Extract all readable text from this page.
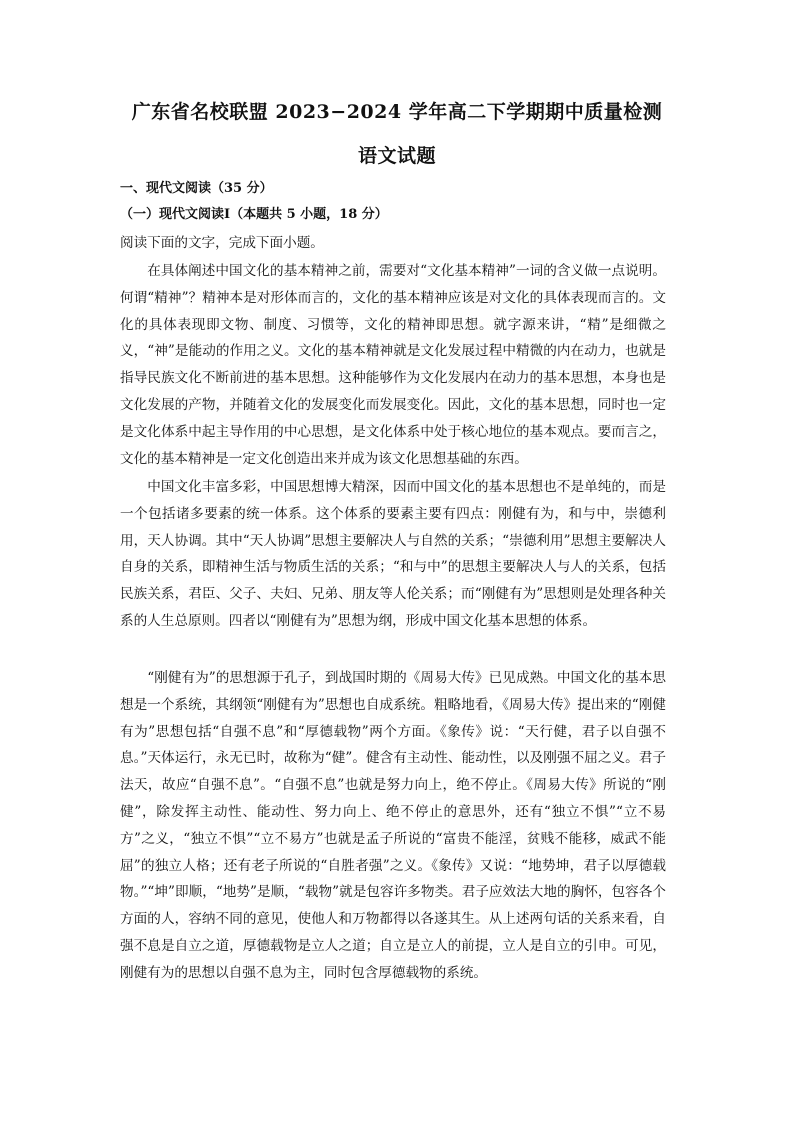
广东省名校联盟 2023−2024 学年高二下学期期中质量检测
语文试题
一、现代文阅读（35 分）
（一）现代文阅读Ⅰ（本题共 5 小题，18 分）
阅读下面的文字，完成下面小题。
在具体阐述中国文化的基本精神之前，需要对“文化基本精神”一词的含义做一点说明。何谓“精神”？精神本是对形体而言的，文化的基本精神应该是对文化的具体表现而言的。文化的具体表现即文物、制度、习惯等，文化的精神即思想。就字源来讲，“精”是细微之义，“神”是能动的作用之义。文化的基本精神就是文化发展过程中精微的内在动力，也就是指导民族文化不断前进的基本思想。这种能够作为文化发展内在动力的基本思想，本身也是文化发展的产物，并随着文化的发展变化而发展变化。因此，文化的基本思想，同时也一定是文化体系中起主导作用的中心思想，是文化体系中处于核心地位的基本观点。要而言之，文化的基本精神是一定文化创造出来并成为该文化思想基础的东西。
中国文化丰富多彩，中国思想博大精深，因而中国文化的基本思想也不是单纯的，而是一个包括诸多要素的统一体系。这个体系的要素主要有四点：刚健有为，和与中，崇德利用，天人协调。其中“天人协调”思想主要解决人与自然的关系；“崇德利用”思想主要解决人自身的关系，即精神生活与物质生活的关系；“和与中”的思想主要解决人与人的关系，包括民族关系，君臣、父子、夫妇、兄弟、朋友等人伦关系；而“刚健有为”思想则是处理各种关系的人生总原则。四者以“刚健有为”思想为纲，形成中国文化基本思想的体系。
“刚健有为”的思想源于孔子，到战国时期的《周易大传》已见成熟。中国文化的基本思想是一个系统，其纲领“刚健有为”思想也自成系统。粗略地看，《周易大传》提出来的“刚健有为”思想包括“自强不息”和“厚德载物”两个方面。《象传》说：“天行健，君子以自强不息。”天体运行，永无已时，故称为“健”。健含有主动性、能动性，以及刚强不屈之义。君子法天，故应“自强不息”。“自强不息”也就是努力向上，绝不停止。《周易大传》所说的“刚健”，除发挥主动性、能动性、努力向上、绝不停止的意思外，还有“独立不惧”“立不易方”之义，“独立不惧”“立不易方”也就是孟子所说的“富贵不能淫，贫贱不能移，威武不能屈”的独立人格；还有老子所说的“自胜者强”之义。《象传》又说：“地势坤，君子以厚德载物。”“坤”即顺，“地势”是顺，“载物”就是包容许多物类。君子应效法大地的胸怀，包容各个方面的人，容纳不同的意见，使他人和万物都得以各遂其生。从上述两句话的关系来看，自强不息是自立之道，厚德载物是立人之道；自立是立人的前提，立人是自立的引申。可见，刚健有为的思想以自强不息为主，同时包含厚德载物的系统。
